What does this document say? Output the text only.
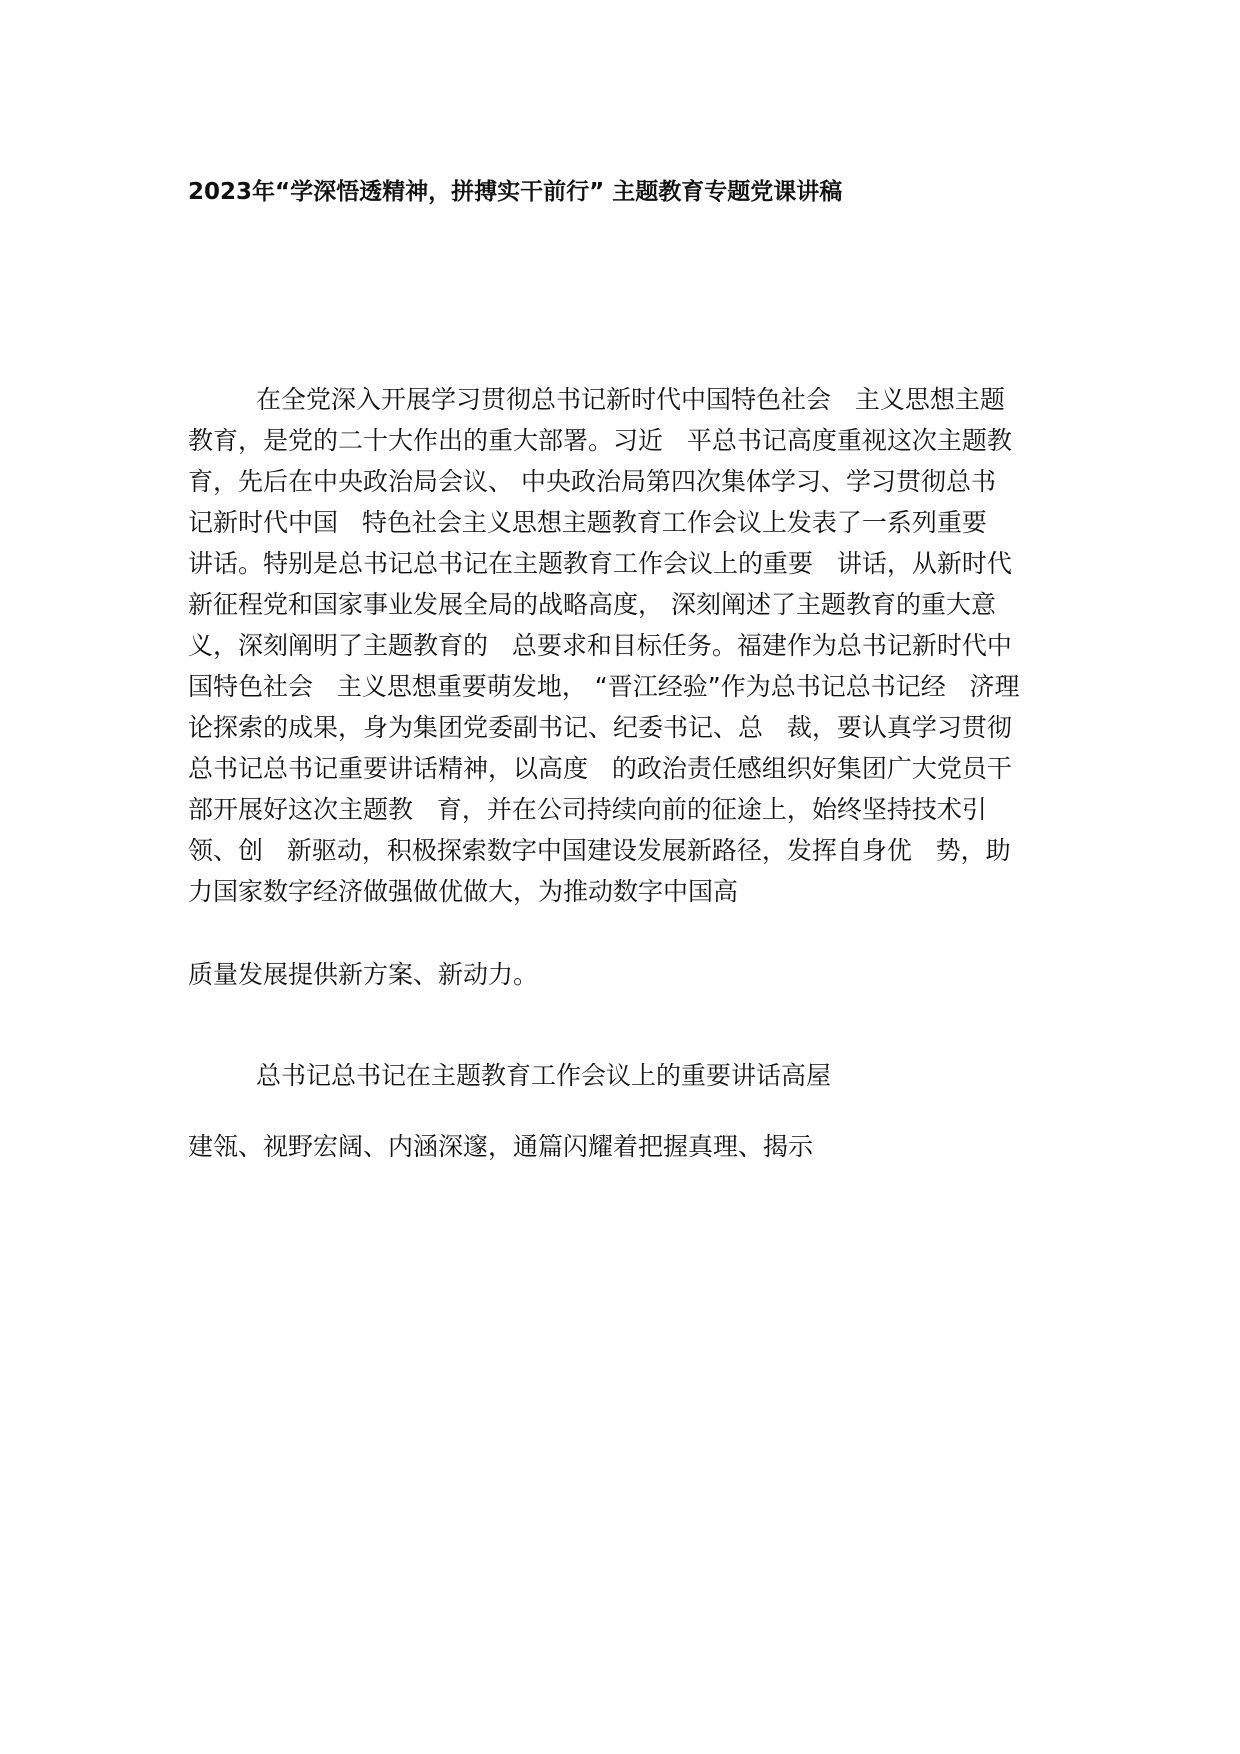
2023年“学深悟透精神，拼搏实干前行” 主题教育专题党课讲稿
在全党深入开展学习贯彻总书记新时代中国特色社会   主义思想主题
教育，是党的二十大作出的重大部署。习近   平总书记高度重视这次主题教
育，先后在中央政治局会议、 中央政治局第四次集体学习、学习贯彻总书
记新时代中国   特色社会主义思想主题教育工作会议上发表了一系列重要
讲话。特别是总书记总书记在主题教育工作会议上的重要   讲话，从新时代
新征程党和国家事业发展全局的战略高度， 深刻阐述了主题教育的重大意
义，深刻阐明了主题教育的   总要求和目标任务。福建作为总书记新时代中
国特色社会   主义思想重要萌发地， “晋江经验”作为总书记总书记经   济理
论探索的成果，身为集团党委副书记、纪委书记、总   裁，要认真学习贯彻
总书记总书记重要讲话精神，以高度   的政治责任感组织好集团广大党员干
部开展好这次主题教   育，并在公司持续向前的征途上，始终坚持技术引
领、创   新驱动，积极探索数字中国建设发展新路径，发挥自身优   势，助
力国家数字经济做强做优做大，为推动数字中国高
质量发展提供新方案、新动力。
总书记总书记在主题教育工作会议上的重要讲话高屋
建瓴、视野宏阔、内涵深邃，通篇闪耀着把握真理、揭示
